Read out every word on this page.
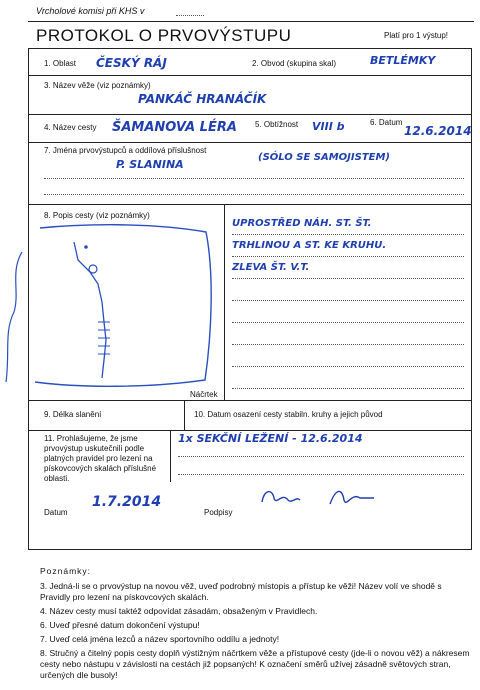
Vrcholové komisi při KHS v
PROTOKOL O PRVOVÝSTUPU	Platí pro 1 výstup!
1. Oblast ČESKÝ RÁJ	2. Obvod (skupina skal)	BETLÉMKY
3. Název věže (viz poznámky)
PANKÁČ HRANÁČÍK
4. Název cesty ŠAMANOVA LÉRA 5. Obtížnost VIII b	6. Datum
12.6.2014
7. Jména prvovýstupců a oddílová příslušnost
P. SLANINA
(SÓLO SE SAMOJISTEM)
8. Popis cesty (viz poznámky)
UPROSTŘED NÁH. ST. ŠT.
TRHLINOU A ST. KE KRUHU.
ZLEVA ŠT. V.T.
Náčrtek
9. Délka slanění	10. Datum osazení cesty stabiln. kruhy a jejich původ
11. Prohlašujeme, že jsme prvovýstup uskutečnili podle platných pravidel pro lezení na pískovcových skalách příslušné oblasti.
1x SEKČNÍ LEŽENÍ - 12.6.2014
Datum
1.7.2014
Podpisy

Poznámky:

3. Jedná-li se o prvovýstup na novou věž, uveď podrobný místopis a přístup ke věži! Název volí ve shodě s Pravidly pro lezení na pískovcových skalách.

4. Název cesty musí taktéž odpovídat zásadám, obsaženým v Pravidlech.

6. Uveď přesné datum dokončení výstupu!

7. Uveď celá jména lezců a název sportovního oddílu a jednoty!

8. Stručný a čitelný popis cesty doplň výstižným náčrtkem věže a přístupové cesty (jde-li o novou věž) a nákresem cesty nebo nástupu v závislosti na cestách již popsaných! K označení směrů užívej zásadně světových stran, určených dle busoly!
